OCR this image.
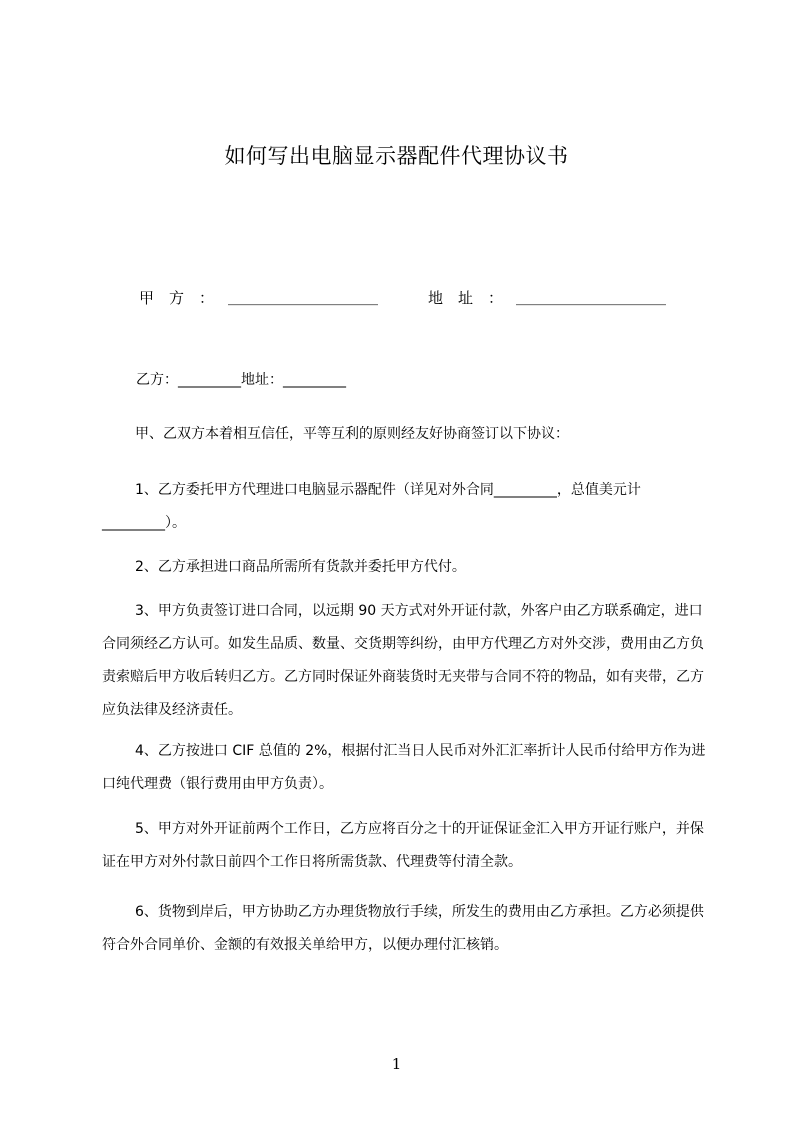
如何写出电脑显示器配件代理协议书
甲　方　： ＿＿＿＿＿＿＿＿＿＿	地　址　： ＿＿＿＿＿＿＿＿＿＿
乙方：_________地址：_________

甲、乙双方本着相互信任，平等互利的原则经友好协商签订以下协议：

1、乙方委托甲方代理进口电脑显示器配件（详见对外合同_________，总值美元计_________）。

2、乙方承担进口商品所需所有货款并委托甲方代付。

3、甲方负责签订进口合同，以远期 90 天方式对外开证付款，外客户由乙方联系确定，进口合同须经乙方认可。如发生品质、数量、交货期等纠纷，由甲方代理乙方对外交涉，费用由乙方负责索赔后甲方收后转归乙方。乙方同时保证外商装货时无夹带与合同不符的物品，如有夹带，乙方应负法律及经济责任。

4、乙方按进口 CIF 总值的 2%，根据付汇当日人民币对外汇汇率折计人民币付给甲方作为进口纯代理费（银行费用由甲方负责）。

5、甲方对外开证前两个工作日，乙方应将百分之十的开证保证金汇入甲方开证行账户，并保证在甲方对外付款日前四个工作日将所需货款、代理费等付清全款。

6、货物到岸后，甲方协助乙方办理货物放行手续，所发生的费用由乙方承担。乙方必须提供符合外合同单价、金额的有效报关单给甲方，以便办理付汇核销。

1
